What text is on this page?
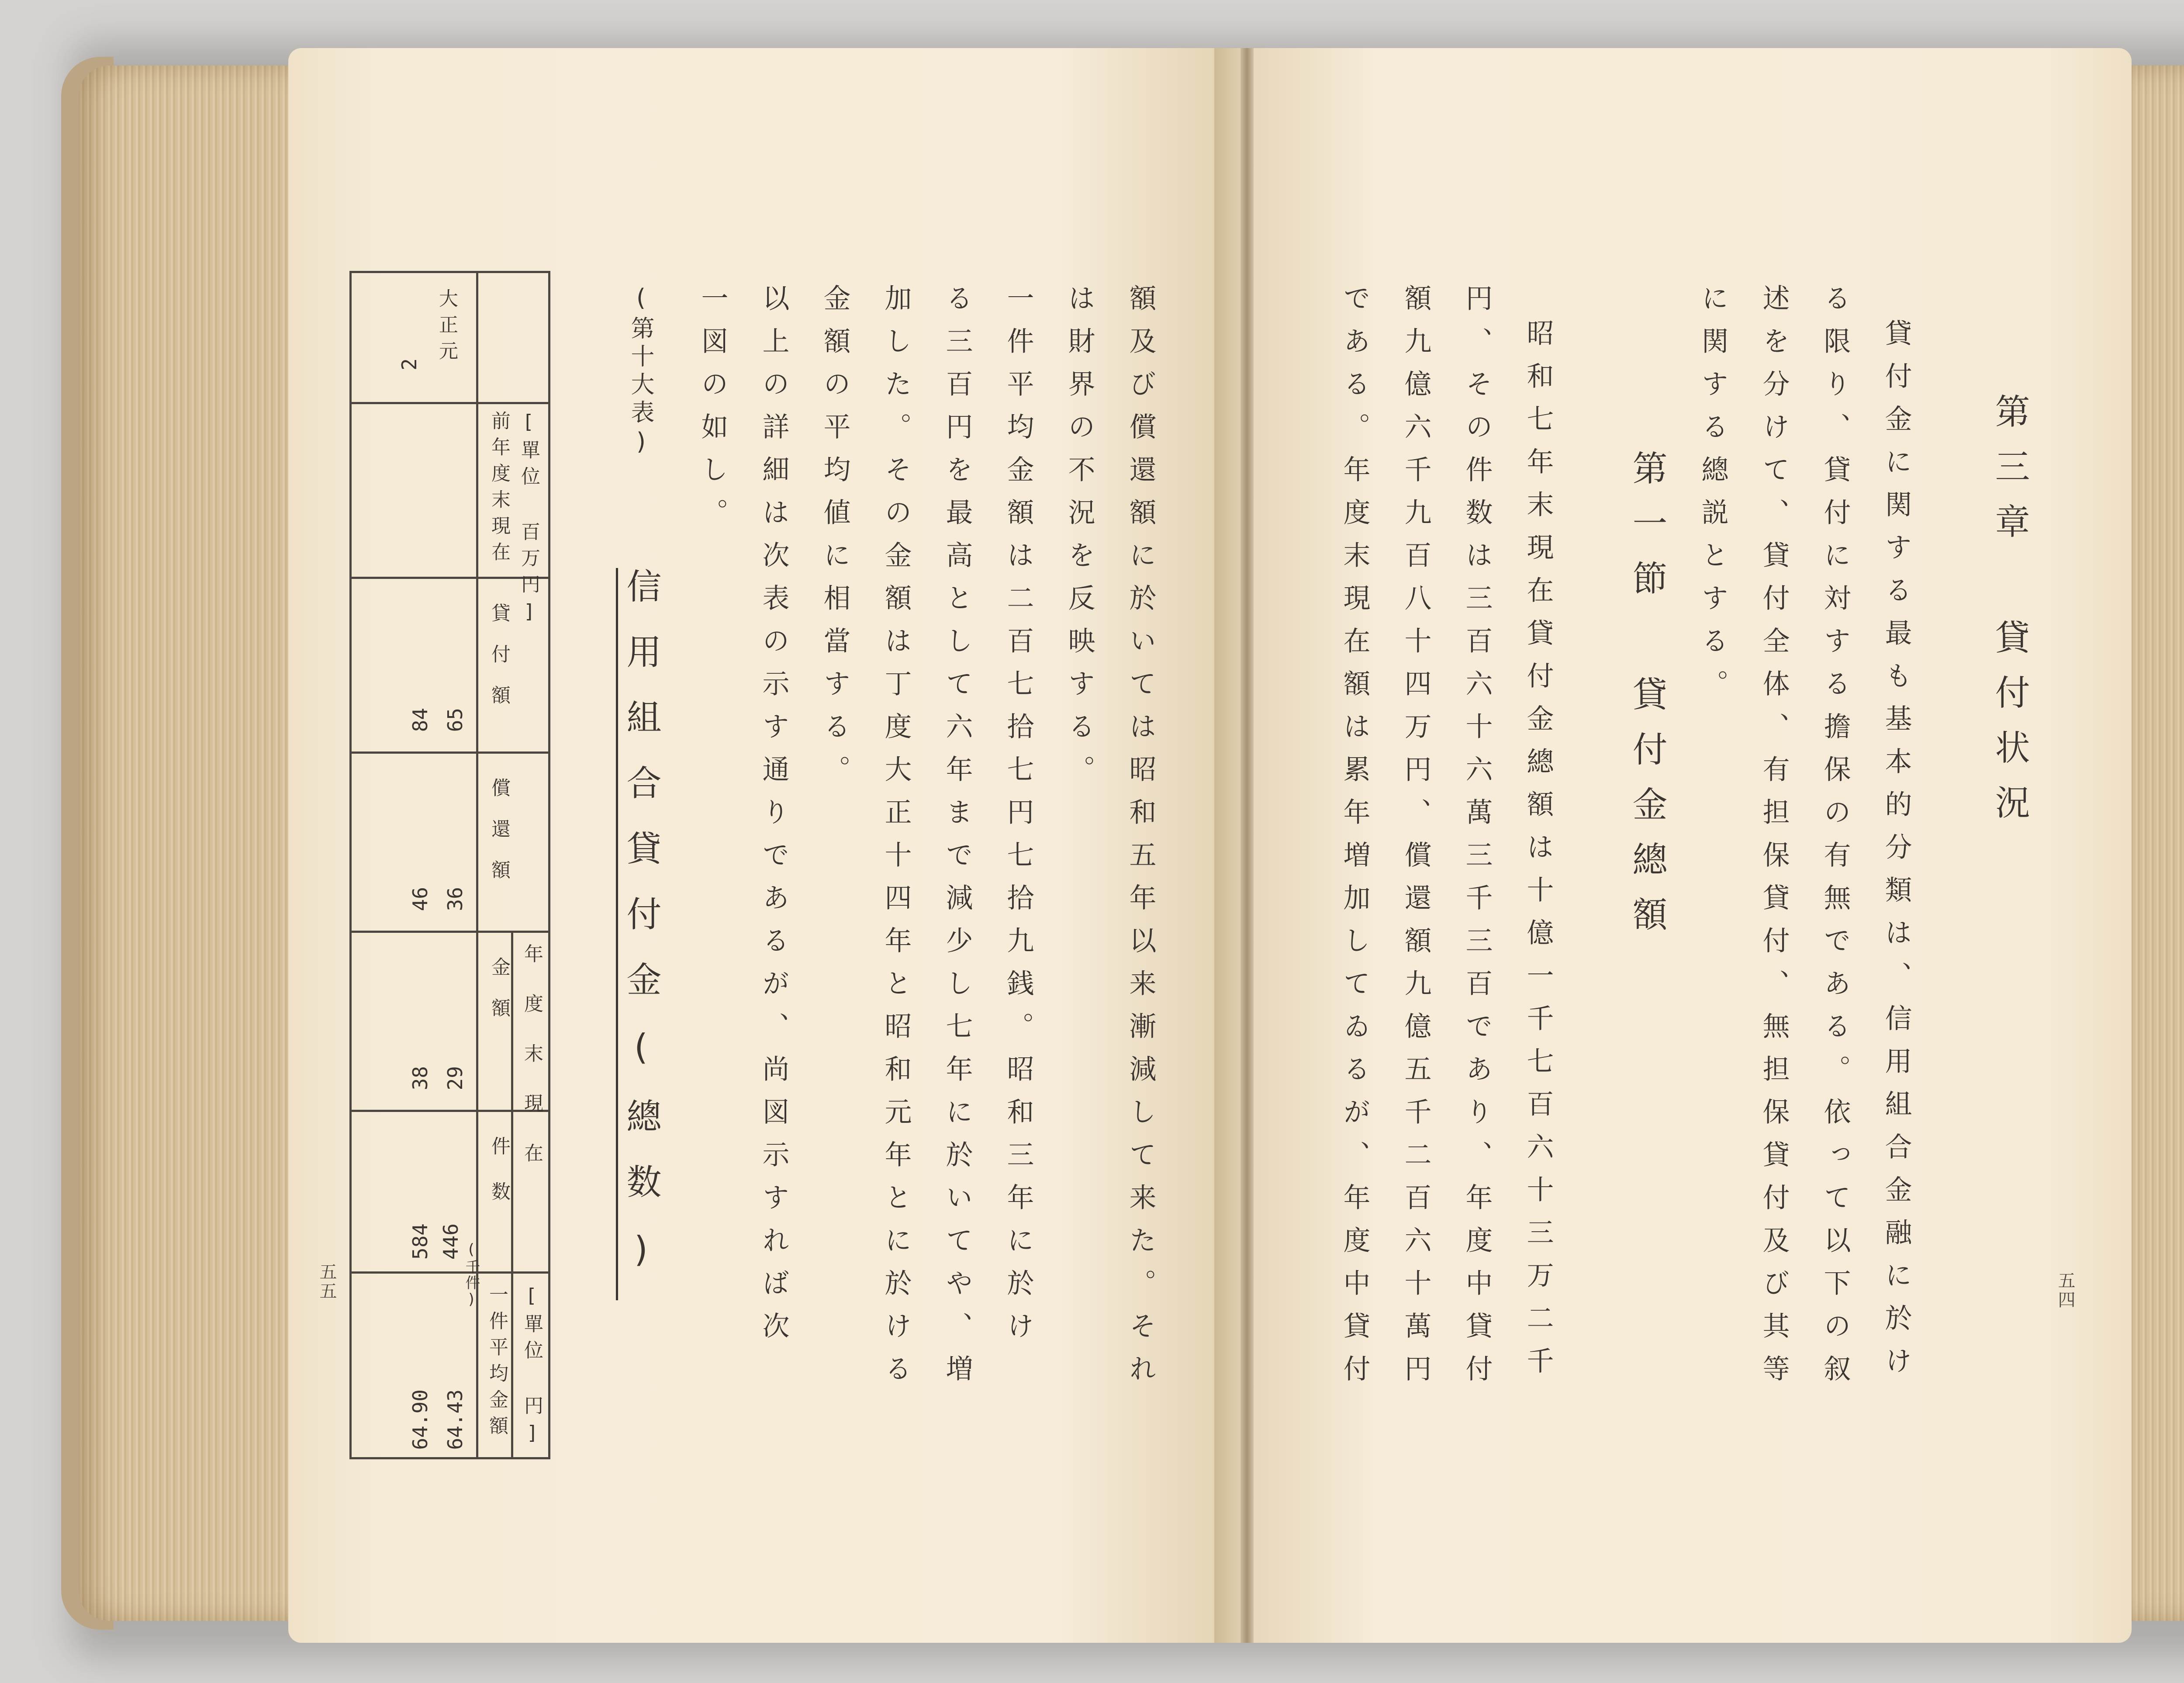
額及び償還額に於いては昭和五年以来漸減して来た。それ
は財界の不況を反映する。
一件平均金額は二百七拾七円七拾九銭。昭和三年に於け
る三百円を最高として六年まで減少し七年に於いてや、増
加した。その金額は丁度大正十四年と昭和元年とに於ける
金額の平均値に相當する。
以上の詳細は次表の示す通りであるが、尚図示すれば次
一図の如し。
(第十大表)
信用組合貸付金(總数)
五五
[單位 百万円]
前年度末現在
貸付額
償還額
年度末現在
金額
件数
[單位 円]
一件平均金額
大正元
2
65
84
36
46
29
38
(千件)
446
584
64.43
64.90
五四
第三章 貸付状況
貸付金に関する最も基本的分類は、信用組合金融に於け
る限り、貸付に対する擔保の有無である。依って以下の叙
述を分けて、貸付全体、有担保貸付、無担保貸付及び其等
に関する總説とする。
第一節 貸付金總額
昭和七年末現在貸付金總額は十億一千七百六十三万二千
円、その件数は三百六十六萬三千三百であり、年度中貸付
額九億六千九百八十四万円、償還額九億五千二百六十萬円
である。年度末現在額は累年増加してゐるが、年度中貸付
